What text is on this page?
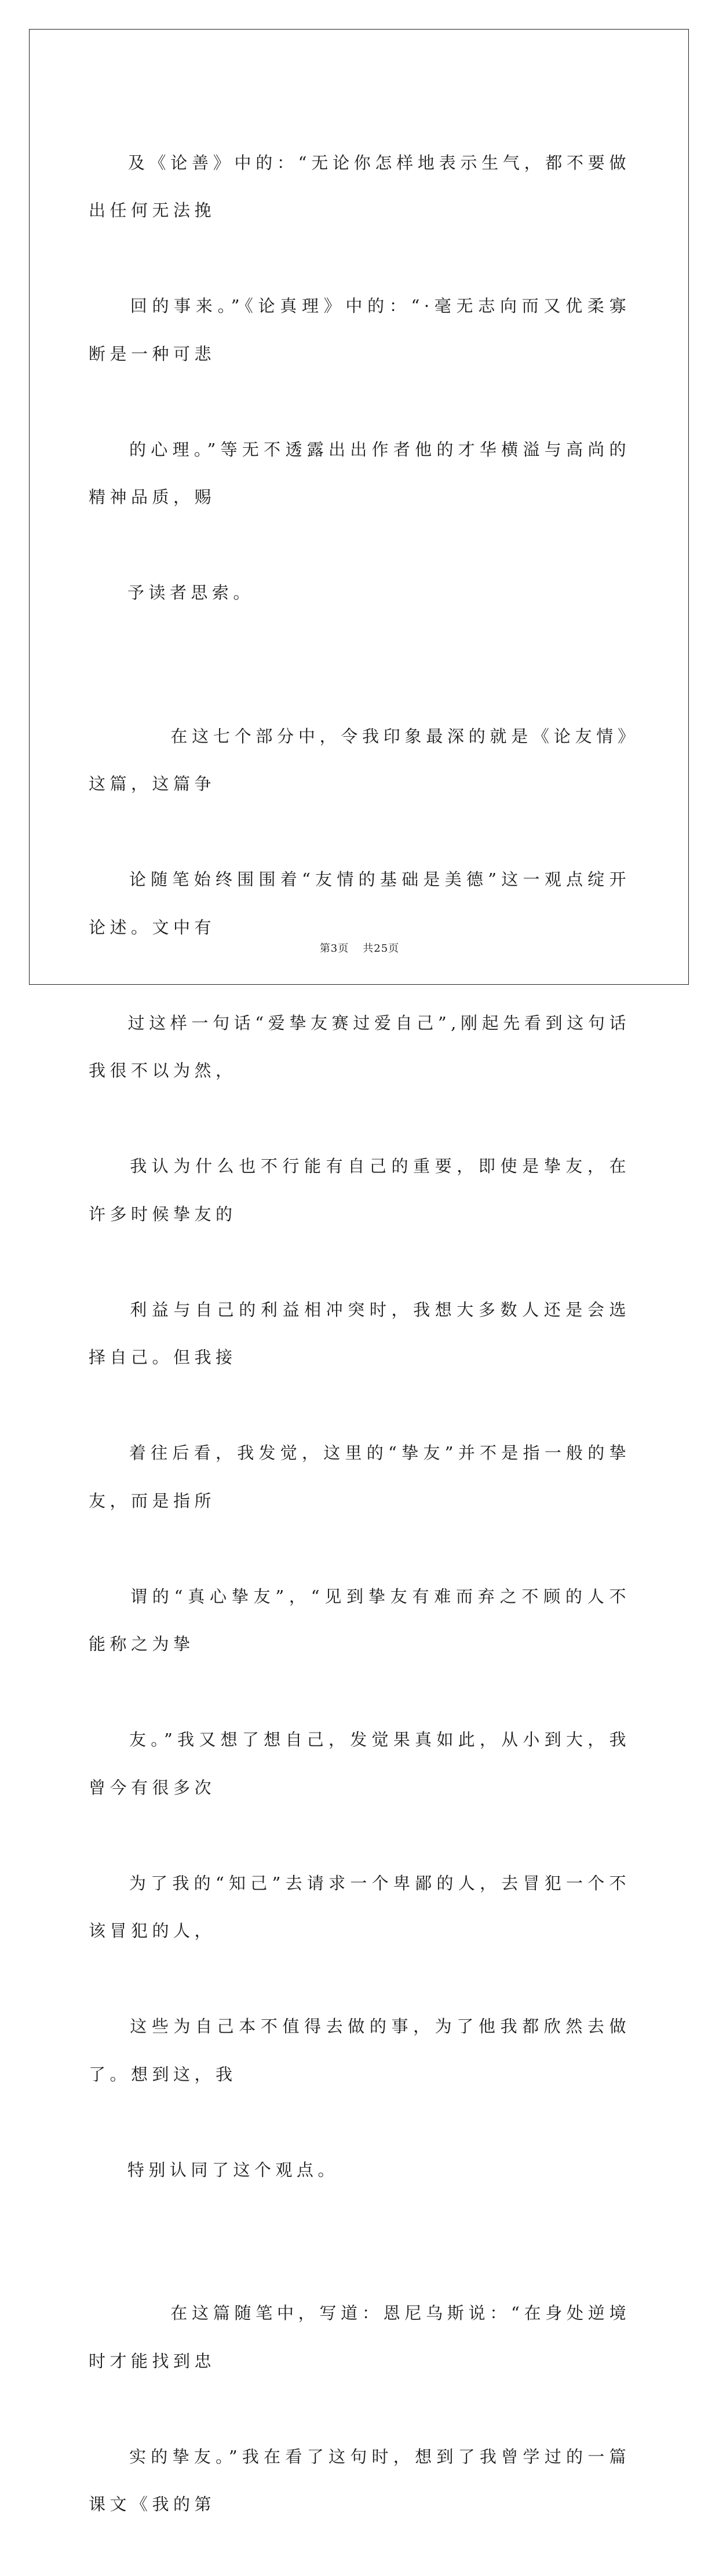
及《论善》中的：“无论你怎样地表示生气，都不要做出任何无法挽

回的事来。”《论真理》中的：“·毫无志向而又优柔寡断是一种可悲

的心理。”等无不透露出出作者他的才华横溢与高尚的精神品质，赐

予读者思索。

　　在这七个部分中，令我印象最深的就是《论友情》这篇，这篇争

论随笔始终围围着“友情的基础是美德”这一观点绽开论述。文中有

过这样一句话“爱挚友赛过爱自己”,刚起先看到这句话我很不以为然，

我认为什么也不行能有自己的重要，即使是挚友，在许多时候挚友的

利益与自己的利益相冲突时，我想大多数人还是会选择自己。但我接

着往后看，我发觉，这里的“挚友”并不是指一般的挚友，而是指所

谓的“真心挚友”，“见到挚友有难而弃之不顾的人不能称之为挚

友。”我又想了想自己，发觉果真如此，从小到大，我曾今有很多次

为了我的“知己”去请求一个卑鄙的人，去冒犯一个不该冒犯的人，

这些为自己本不值得去做的事，为了他我都欣然去做了。想到这，我

特别认同了这个观点。

　　在这篇随笔中，写道：恩尼乌斯说：“在身处逆境时才能找到忠

实的挚友。”我在看了这句时，想到了我曾学过的一篇课文《我的第

第3页 共25页
